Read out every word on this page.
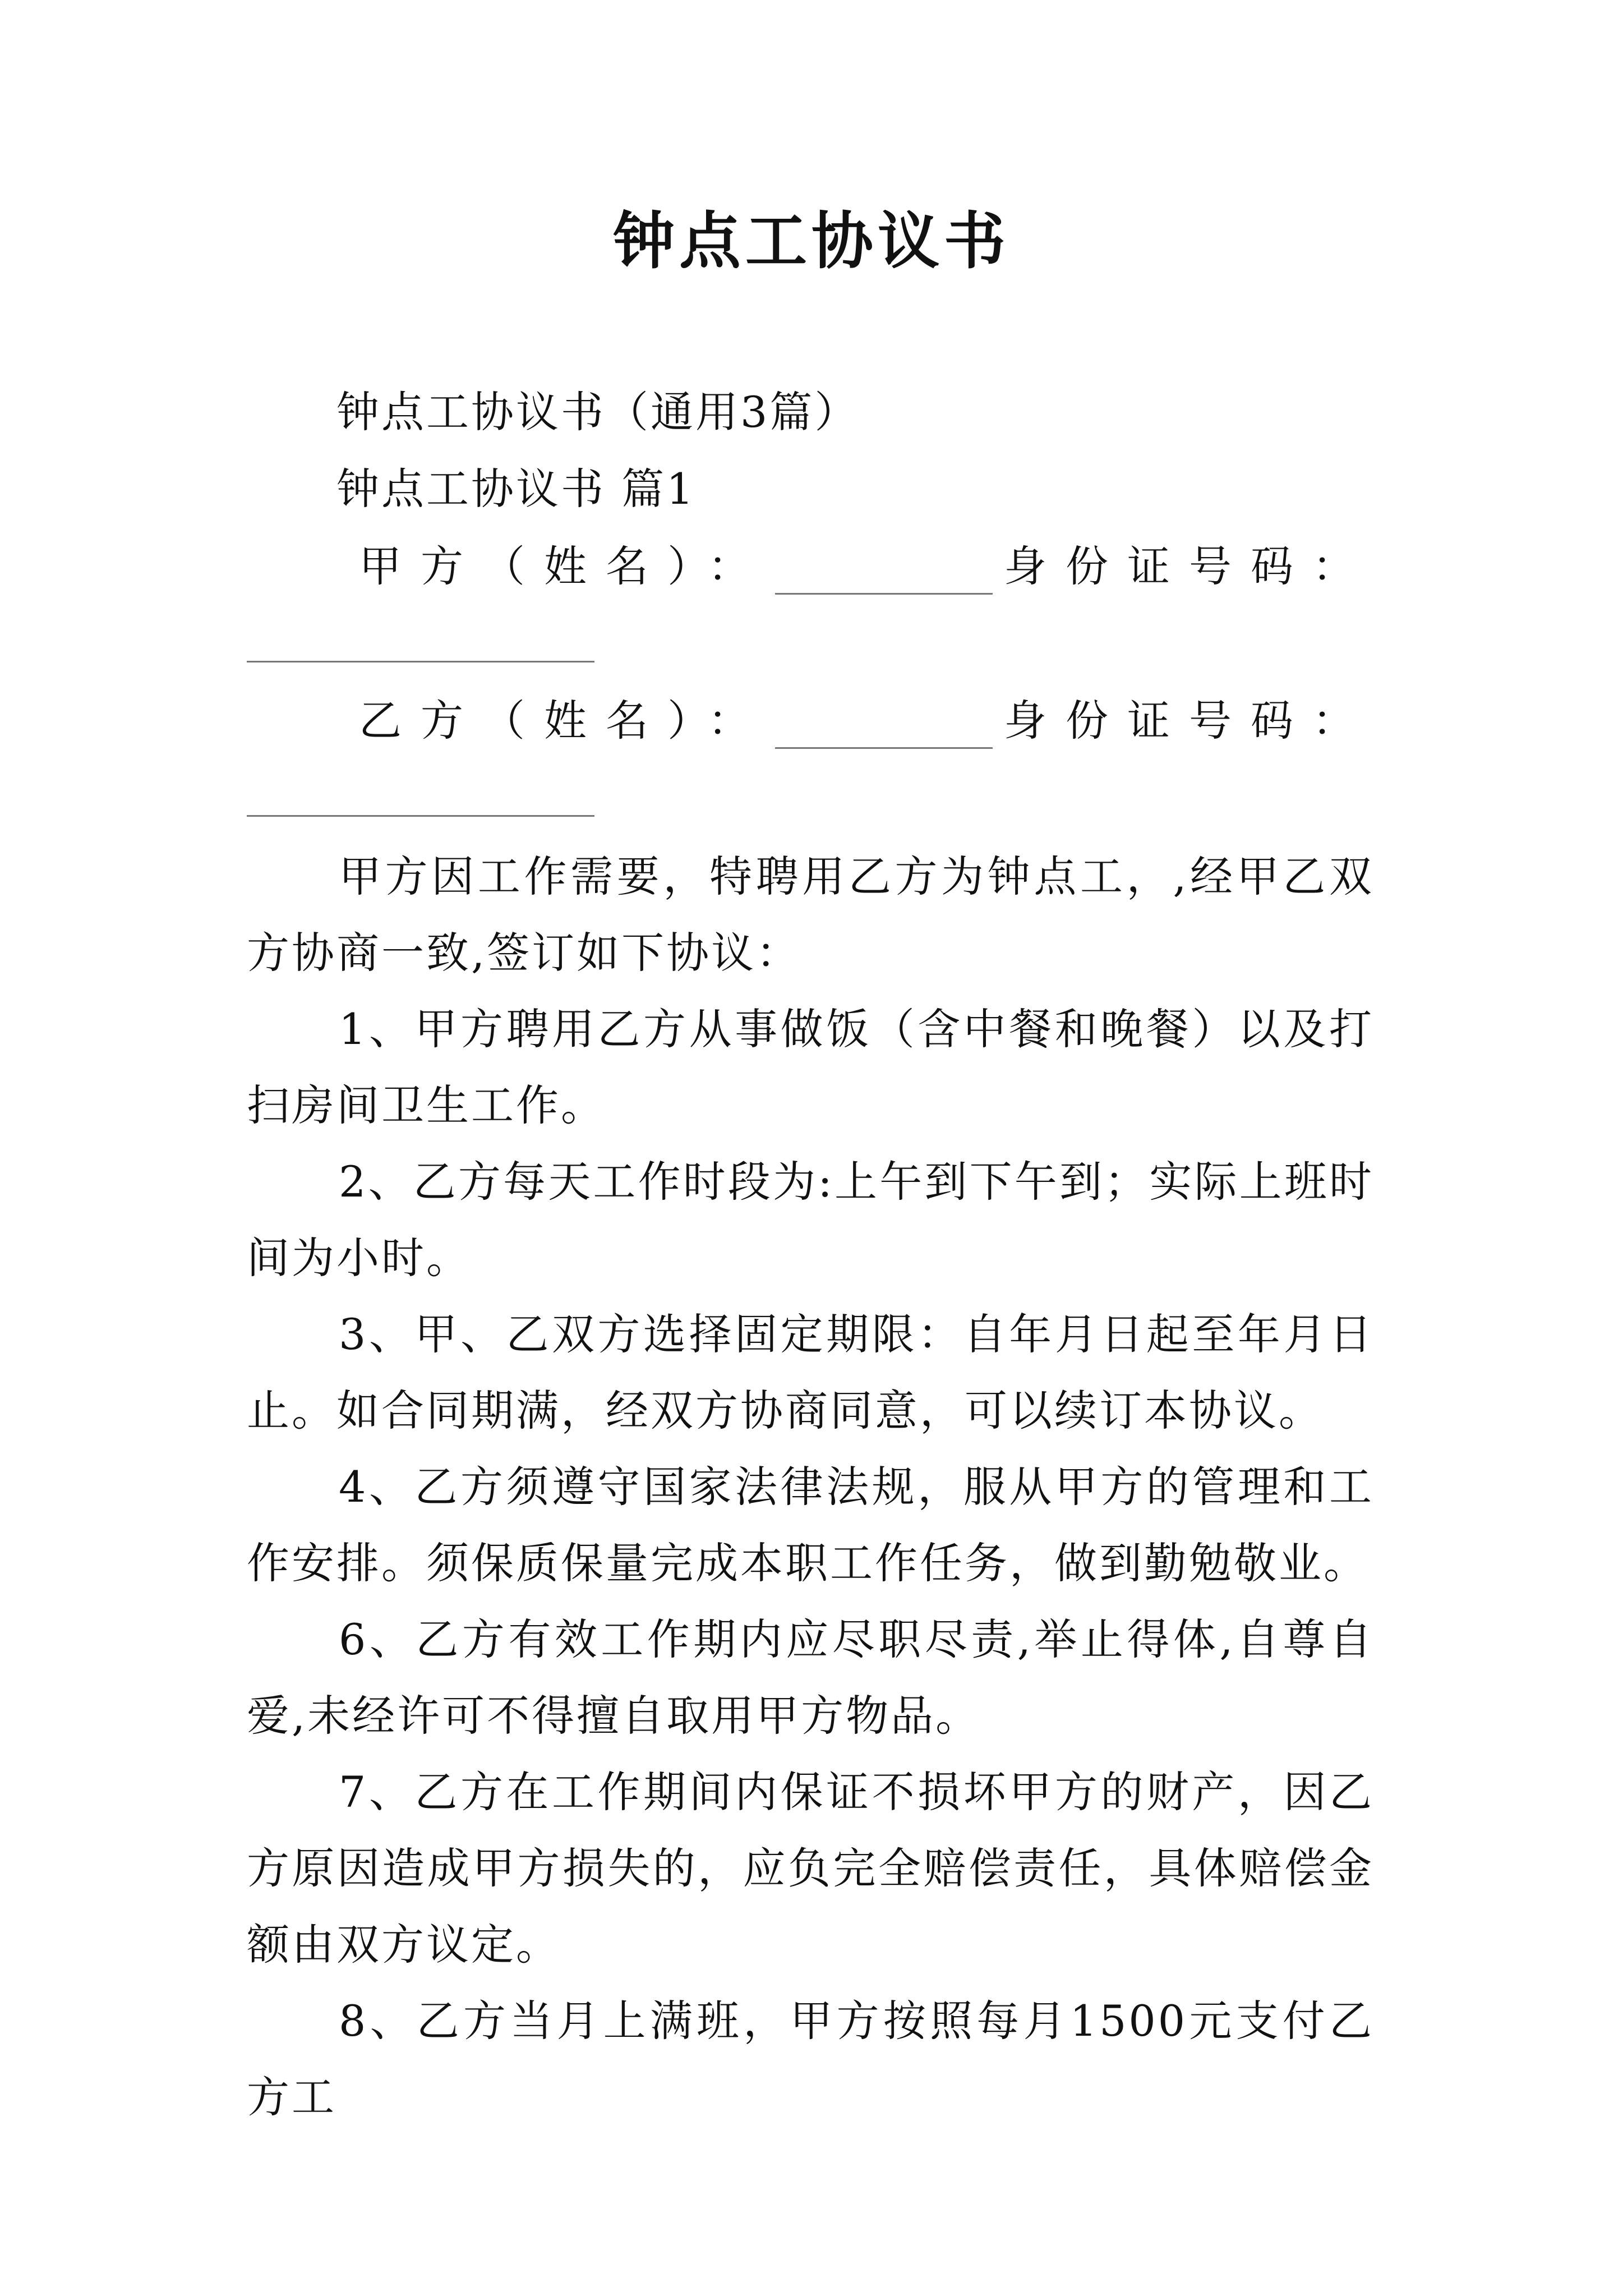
钟点工协议书
钟点工协议书（通用3篇）
钟点工协议书 篇1
甲方（姓名）：	身份证号码：
乙方（姓名）：	身份证号码：
甲方因工作需要，特聘用乙方为钟点工，,经甲乙双方协商一致,签订如下协议：
1、甲方聘用乙方从事做饭（含中餐和晚餐）以及打扫房间卫生工作。
2、乙方每天工作时段为:上午到下午到；实际上班时间为小时。
3、甲、乙双方选择固定期限：自年月日起至年月日止。如合同期满，经双方协商同意，可以续订本协议。
4、乙方须遵守国家法律法规，服从甲方的管理和工作安排。须保质保量完成本职工作任务，做到勤勉敬业。
6、乙方有效工作期内应尽职尽责,举止得体,自尊自爱,未经许可不得擅自取用甲方物品。
7、乙方在工作期间内保证不损坏甲方的财产，因乙方原因造成甲方损失的，应负完全赔偿责任，具体赔偿金额由双方议定。
8、乙方当月上满班，甲方按照每月1500元支付乙方工
